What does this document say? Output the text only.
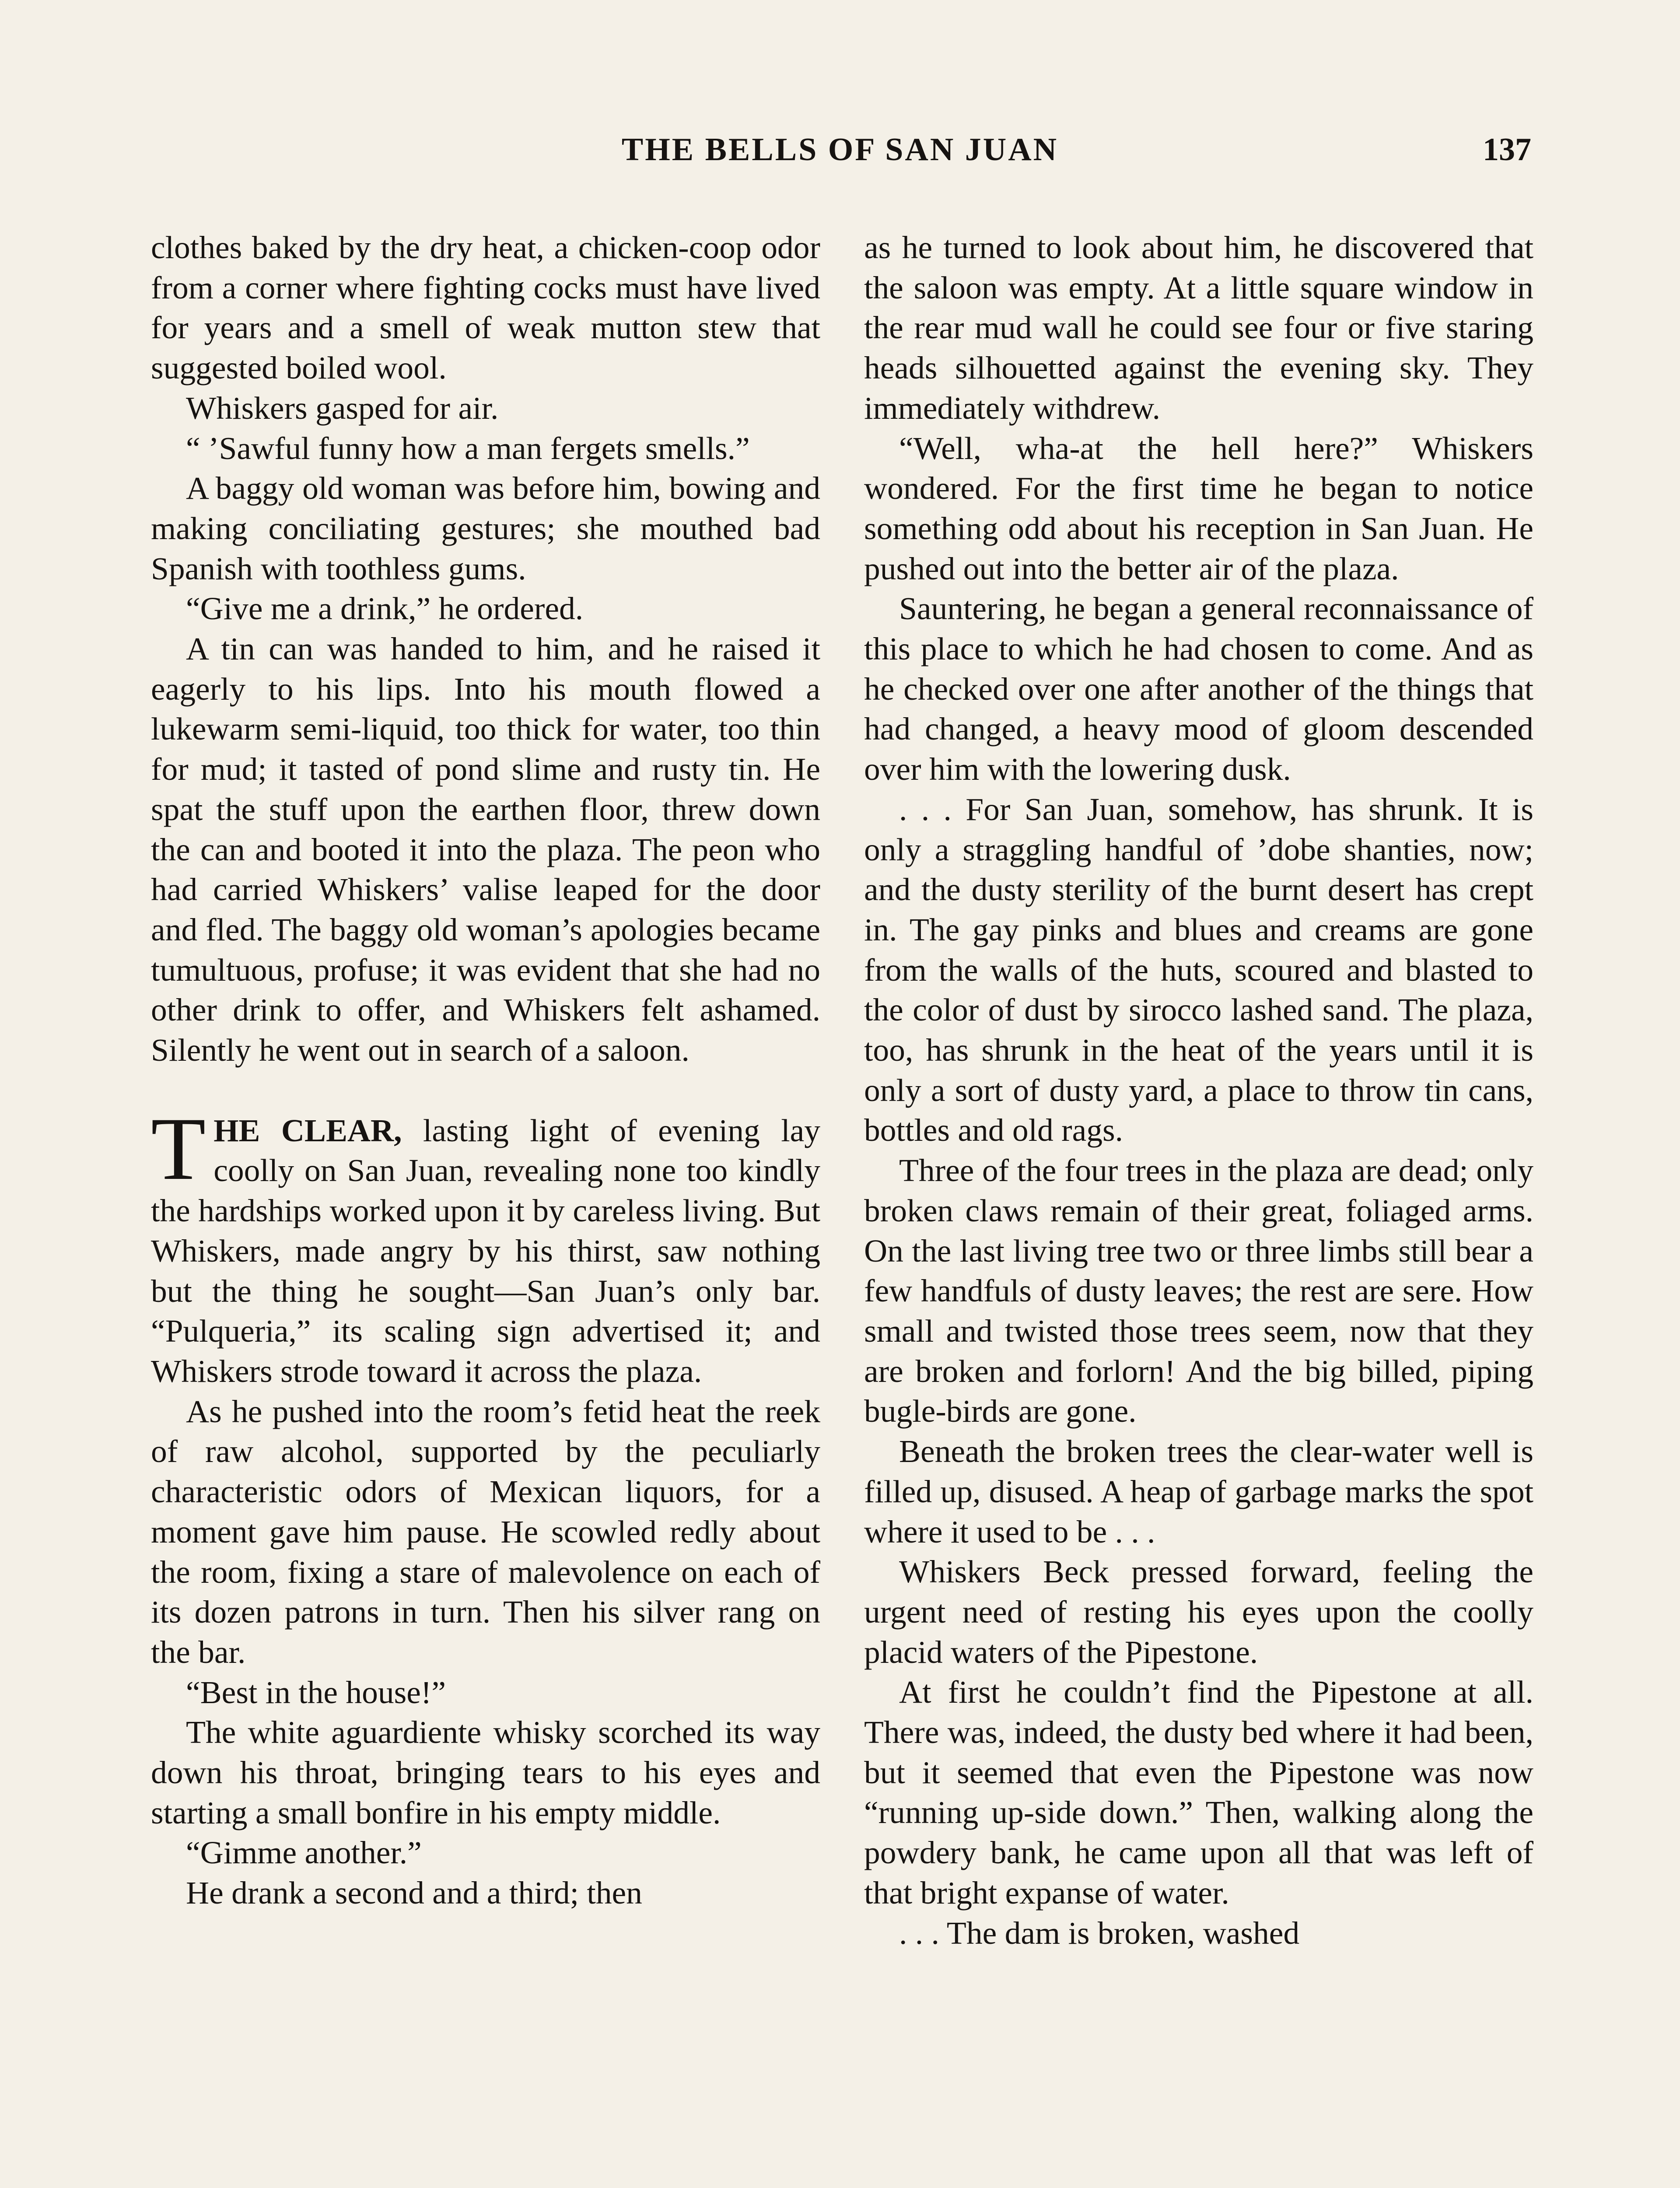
THE BELLS OF SAN JUAN	137

clothes baked by the dry heat, a chicken-coop odor from a corner where fighting cocks must have lived for years and a smell of weak mutton stew that suggested boiled wool.

Whiskers gasped for air.

“ ’Sawful funny how a man fergets smells.”

A baggy old woman was before him, bowing and making conciliating gestures; she mouthed bad Spanish with toothless gums.

“Give me a drink,” he ordered.

A tin can was handed to him, and he raised it eagerly to his lips. Into his mouth flowed a lukewarm semi-liquid, too thick for water, too thin for mud; it tasted of pond slime and rusty tin. He spat the stuff upon the earthen floor, threw down the can and booted it into the plaza. The peon who had carried Whiskers’ valise leaped for the door and fled. The baggy old woman’s apologies became tumultuous, profuse; it was evident that she had no other drink to offer, and Whiskers felt ashamed. Silently he went out in search of a saloon.

THE CLEAR, lasting light of evening lay coolly on San Juan, revealing none too kindly the hardships worked upon it by careless living. But Whiskers, made angry by his thirst, saw nothing but the thing he sought—San Juan’s only bar. “Pulqueria,” its scaling sign advertised it; and Whiskers strode toward it across the plaza.

As he pushed into the room’s fetid heat the reek of raw alcohol, supported by the peculiarly characteristic odors of Mexican liquors, for a moment gave him pause. He scowled redly about the room, fixing a stare of malevolence on each of its dozen patrons in turn. Then his silver rang on the bar.

“Best in the house!”

The white aguardiente whisky scorched its way down his throat, bringing tears to his eyes and starting a small bonfire in his empty middle.

“Gimme another.”

He drank a second and a third; then

as he turned to look about him, he discovered that the saloon was empty. At a little square window in the rear mud wall he could see four or five staring heads silhouetted against the evening sky. They immediately withdrew.

“Well, wha-at the hell here?” Whiskers wondered. For the first time he began to notice something odd about his reception in San Juan. He pushed out into the better air of the plaza.

Sauntering, he began a general reconnaissance of this place to which he had chosen to come. And as he checked over one after another of the things that had changed, a heavy mood of gloom descended over him with the lowering dusk.

. . . For San Juan, somehow, has shrunk. It is only a straggling handful of ’dobe shanties, now; and the dusty sterility of the burnt desert has crept in. The gay pinks and blues and creams are gone from the walls of the huts, scoured and blasted to the color of dust by sirocco lashed sand. The plaza, too, has shrunk in the heat of the years until it is only a sort of dusty yard, a place to throw tin cans, bottles and old rags.

Three of the four trees in the plaza are dead; only broken claws remain of their great, foliaged arms. On the last living tree two or three limbs still bear a few handfuls of dusty leaves; the rest are sere. How small and twisted those trees seem, now that they are broken and forlorn! And the big billed, piping bugle-birds are gone.

Beneath the broken trees the clear-water well is filled up, disused. A heap of garbage marks the spot where it used to be . . .

Whiskers Beck pressed forward, feeling the urgent need of resting his eyes upon the coolly placid waters of the Pipestone.

At first he couldn’t find the Pipestone at all. There was, indeed, the dusty bed where it had been, but it seemed that even the Pipestone was now “running up-side down.” Then, walking along the powdery bank, he came upon all that was left of that bright expanse of water.

. . . The dam is broken, washed
